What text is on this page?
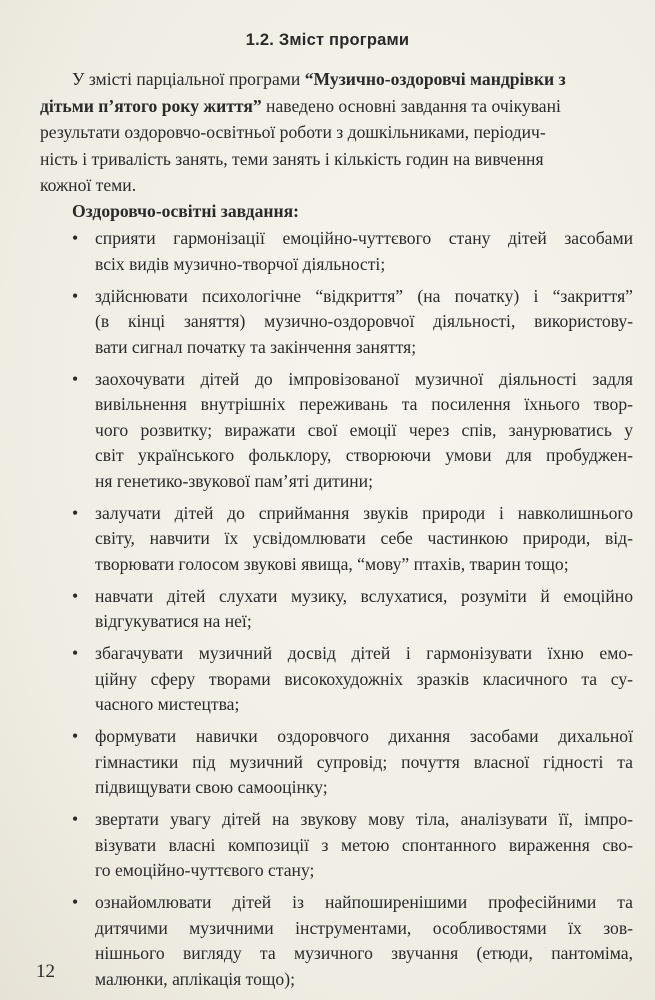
1.2. Зміст програми
У змісті парціальної програми “Музично-оздоровчі мандрівки з
дітьми п’ятого року життя” наведено основні завдання та очікувані
результати оздоровчо-освітньої роботи з дошкільниками, періодич-
ність і тривалість занять, теми занять і кількість годин на вивчення
кожної теми.
Оздоровчо-освітні завдання:
• сприяти гармонізації емоційно-чуттєвого стану дітей засобами
всіх видів музично-творчої діяльності;
• здійснювати психологічне “відкриття” (на початку) і “закриття”
(в кінці заняття) музично-оздоровчої діяльності, використову-
вати сигнал початку та закінчення заняття;
• заохочувати дітей до імпровізованої музичної діяльності задля
вивільнення внутрішніх переживань та посилення їхнього твор-
чого розвитку; виражати свої емоції через спів, занурюватись у
світ українського фольклору, створюючи умови для пробуджен-
ня генетико-звукової пам’яті дитини;
• залучати дітей до сприймання звуків природи і навколишнього
світу, навчити їх усвідомлювати себе частинкою природи, від-
творювати голосом звукові явища, “мову” птахів, тварин тощо;
• навчати дітей слухати музику, вслухатися, розуміти й емоційно
відгукуватися на неї;
• збагачувати музичний досвід дітей і гармонізувати їхню емо-
ційну сферу творами високохудожніх зразків класичного та су-
часного мистецтва;
• формувати навички оздоровчого дихання засобами дихальної
гімнастики під музичний супровід; почуття власної гідності та
підвищувати свою самооцінку;
• звертати увагу дітей на звукову мову тіла, аналізувати її, імпро-
візувати власні композиції з метою спонтанного вираження сво-
го емоційно-чуттєвого стану;
• ознайомлювати дітей із найпоширенішими професійними та
дитячими музичними інструментами, особливостями їх зов-
нішнього вигляду та музичного звучання (етюди, пантоміма,
малюнки, аплікація тощо);
12
